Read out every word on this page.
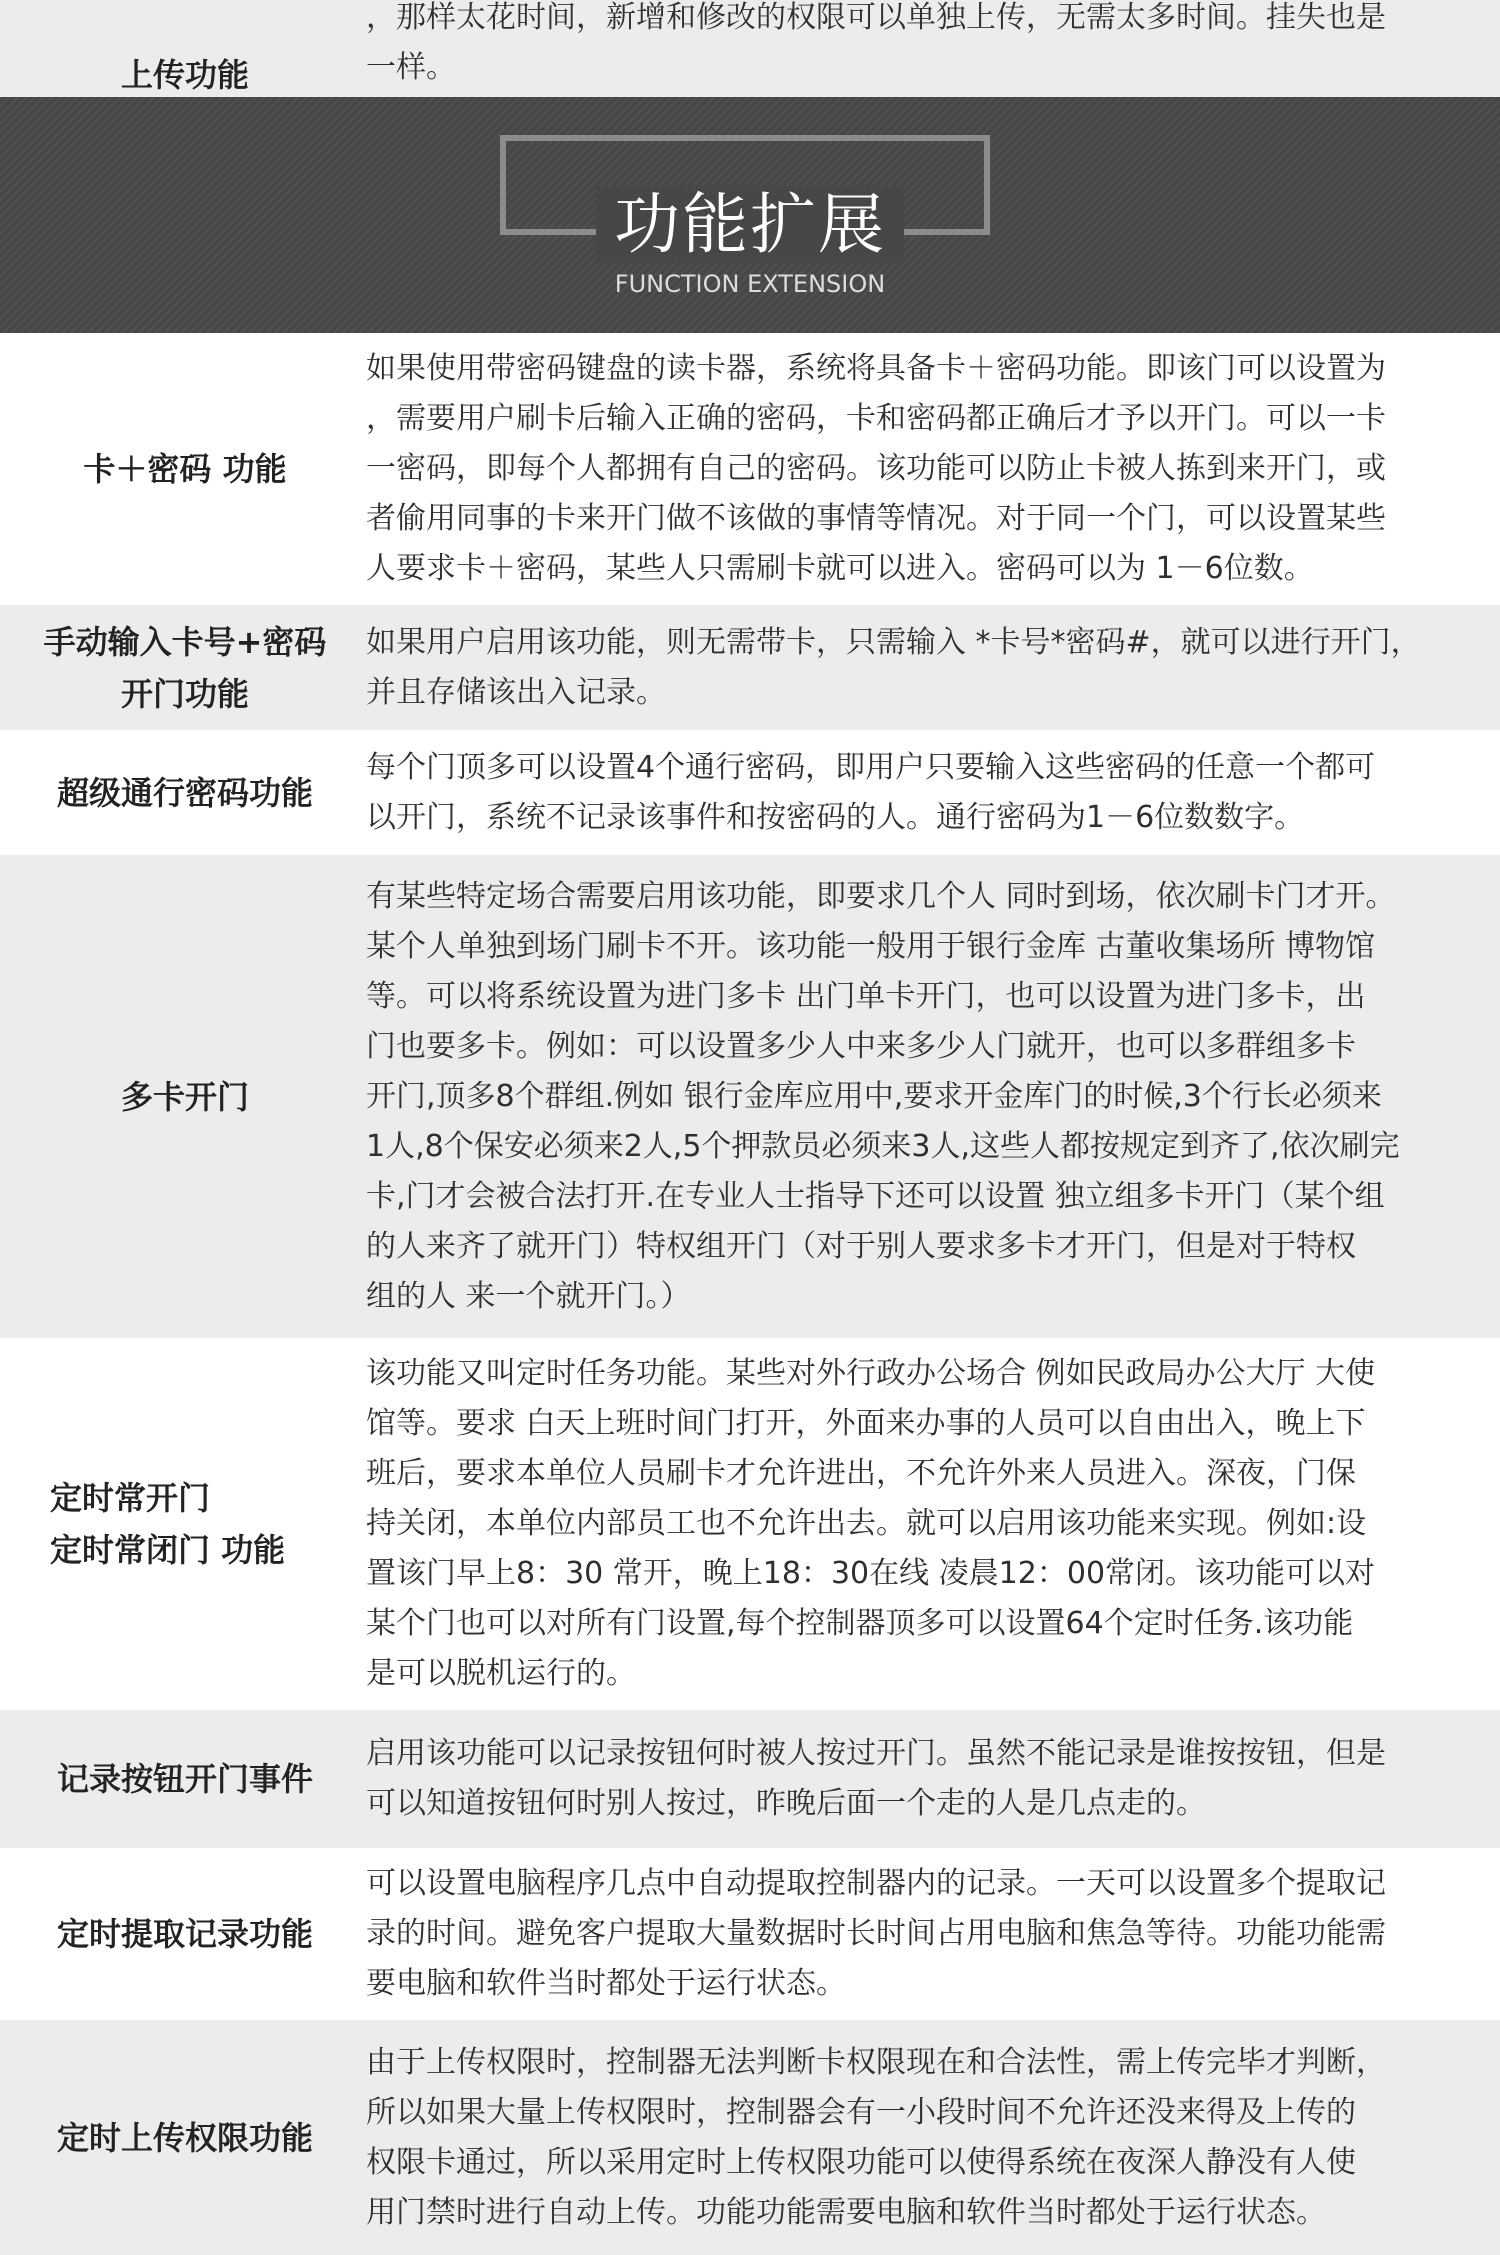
上传功能

，那样太花时间，新增和修改的权限可以单独上传，无需太多时间。挂失也是

一样。

功能扩展
FUNCTION EXTENSION
卡＋密码 功能

如果使用带密码键盘的读卡器，系统将具备卡＋密码功能。即该门可以设置为

，需要用户刷卡后输入正确的密码，卡和密码都正确后才予以开门。可以一卡

一密码，即每个人都拥有自己的密码。该功能可以防止卡被人拣到来开门，或

者偷用同事的卡来开门做不该做的事情等情况。对于同一个门，可以设置某些

人要求卡＋密码，某些人只需刷卡就可以进入。密码可以为 1－6位数。

手动输入卡号+密码
开门功能

如果用户启用该功能，则无需带卡，只需输入 *卡号*密码#，就可以进行开门，

并且存储该出入记录。

超级通行密码功能

每个门顶多可以设置4个通行密码，即用户只要输入这些密码的任意一个都可

以开门，系统不记录该事件和按密码的人。通行密码为1－6位数数字。

多卡开门

有某些特定场合需要启用该功能，即要求几个人 同时到场，依次刷卡门才开。

某个人单独到场门刷卡不开。该功能一般用于银行金库 古董收集场所 博物馆

等。可以将系统设置为进门多卡 出门单卡开门，也可以设置为进门多卡，出

门也要多卡。例如：可以设置多少人中来多少人门就开，也可以多群组多卡

开门,顶多8个群组.例如 银行金库应用中,要求开金库门的时候,3个行长必须来

1人,8个保安必须来2人,5个押款员必须来3人,这些人都按规定到齐了,依次刷完

卡,门才会被合法打开.在专业人士指导下还可以设置 独立组多卡开门（某个组

的人来齐了就开门）特权组开门（对于别人要求多卡才开门，但是对于特权

组的人 来一个就开门。）

定时常开门
定时常闭门 功能

该功能又叫定时任务功能。某些对外行政办公场合 例如民政局办公大厅 大使

馆等。要求 白天上班时间门打开，外面来办事的人员可以自由出入，晚上下

班后，要求本单位人员刷卡才允许进出，不允许外来人员进入。深夜，门保

持关闭，本单位内部员工也不允许出去。就可以启用该功能来实现。例如:设

置该门早上8：30 常开，晚上18：30在线 凌晨12：00常闭。该功能可以对

某个门也可以对所有门设置,每个控制器顶多可以设置64个定时任务.该功能

是可以脱机运行的。

记录按钮开门事件

启用该功能可以记录按钮何时被人按过开门。虽然不能记录是谁按按钮，但是

可以知道按钮何时别人按过，昨晚后面一个走的人是几点走的。

定时提取记录功能

可以设置电脑程序几点中自动提取控制器内的记录。一天可以设置多个提取记

录的时间。避免客户提取大量数据时长时间占用电脑和焦急等待。功能功能需

要电脑和软件当时都处于运行状态。

定时上传权限功能

由于上传权限时，控制器无法判断卡权限现在和合法性，需上传完毕才判断，

所以如果大量上传权限时，控制器会有一小段时间不允许还没来得及上传的

权限卡通过，所以采用定时上传权限功能可以使得系统在夜深人静没有人使

用门禁时进行自动上传。功能功能需要电脑和软件当时都处于运行状态。
